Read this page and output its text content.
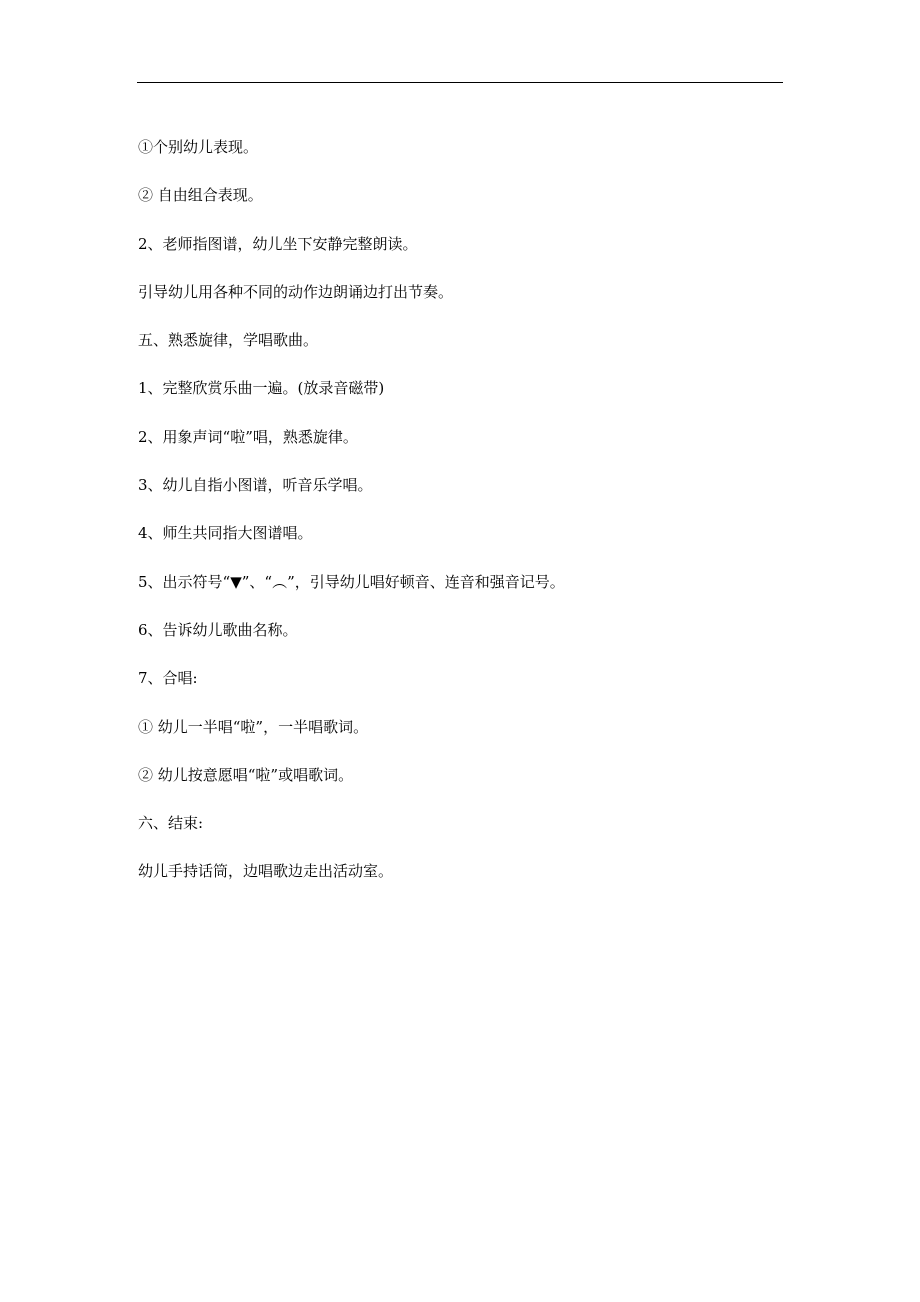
①个别幼儿表现。
② 自由组合表现。
2、老师指图谱，幼儿坐下安静完整朗读。
引导幼儿用各种不同的动作边朗诵边打出节奏。
五、熟悉旋律，学唱歌曲。
1、完整欣赏乐曲一遍。(放录音磁带)
2、用象声词“啦”唱，熟悉旋律。
3、幼儿自指小图谱，听音乐学唱。
4、师生共同指大图谱唱。
5、出示符号“▼”、“︵”，引导幼儿唱好顿音、连音和强音记号。
6、告诉幼儿歌曲名称。
7、合唱:
① 幼儿一半唱“啦”，一半唱歌词。
② 幼儿按意愿唱“啦”或唱歌词。
六、结束:
幼儿手持话筒，边唱歌边走出活动室。
